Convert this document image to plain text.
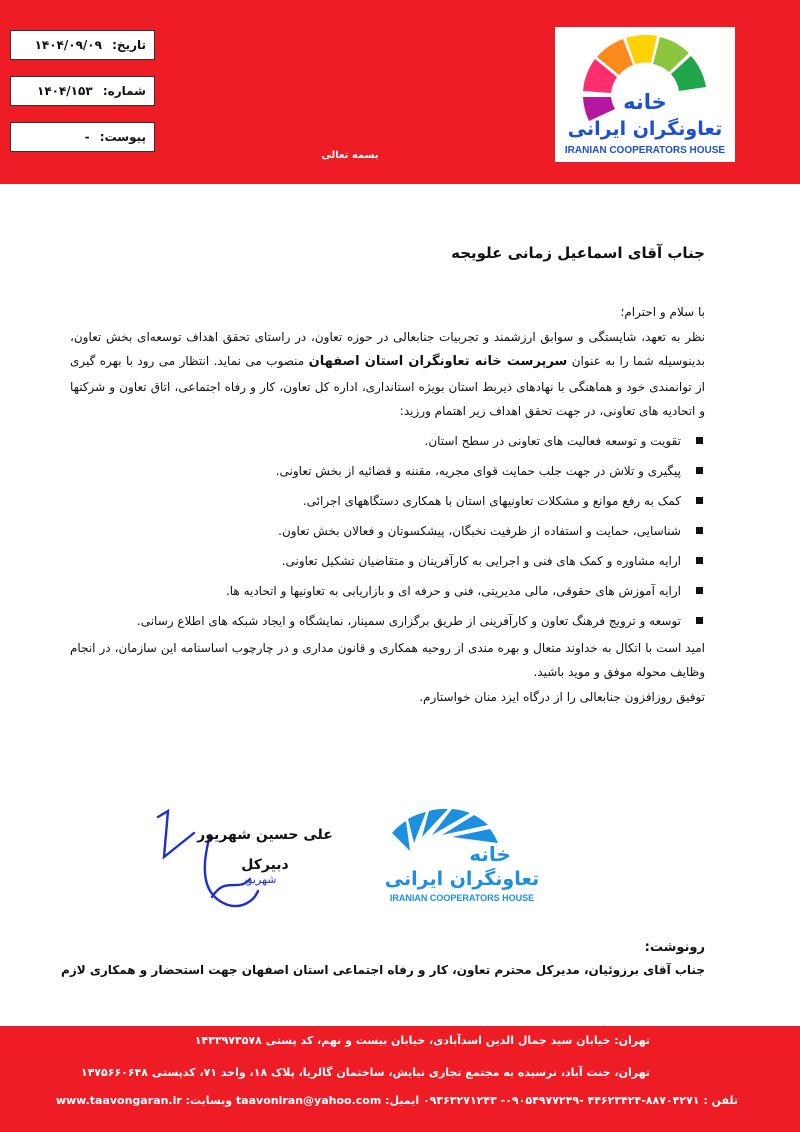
تاریخ: ۱۴۰۴/۰۹/۰۹
شماره: ۱۴۰۴/۱۵۳
پیوست: -
بسمه تعالی
خانه
تعاونگران ایرانی
IRANIAN COOPERATORS HOUSE
جناب آقای اسماعیل زمانی علویجه

با سلام و احترام؛

نظر به تعهد، شایستگی و سوابق ارزشمند و تجربیات جنابعالی در حوزه تعاون، در راستای تحقق اهداف توسعه‌ای بخش تعاون، بدینوسیله شما را به عنوان سرپرست خانه تعاونگران استان اصفهان منصوب می نماید. انتظار می رود با بهره گیری از توانمندی خود و هماهنگی با نهادهای ذیربط استان بویژه استانداری، اداره کل تعاون، کار و رفاه اجتماعی، اتاق تعاون و شرکتها و اتحادیه های تعاونی، در جهت تحقق اهداف زیر اهتمام ورزید:

تقویت و توسعه فعالیت های تعاونی در سطح استان.
پیگیری و تلاش در جهت جلب حمایت قوای مجریه، مقننه و قضائیه از بخش تعاونی.
کمک به رفع موانع و مشکلات تعاونیهای استان با همکاری دستگاههای اجرائی.
شناسایی، حمایت و استفاده از ظرفیت نخبگان، پیشکسوتان و فعالان بخش تعاون.
ارایه مشاوره و کمک های فنی و اجرایی به کارآفرینان و متقاضیان تشکیل تعاونی.
ارایه آموزش های حقوقی، مالی مدیریتی، فنی و حرفه ای و بازاریابی به تعاونیها و اتحادیه ها.
توسعه و ترویج فرهنگ تعاون و کارآفرینی از طریق برگزاری سمینار، نمایشگاه و ایجاد شبکه های اطلاع رسانی.

امید است با اتکال به خداوند متعال و بهره مندی از روحیه همکاری و قانون مداری و در چارچوب اساسنامه این سازمان، در انجام وظایف محوله موفق و موید باشید.

توفیق روزافزون جنابعالی را از درگاه ایزد منان خواستارم.

شهریور
علی حسین شهریور
دبیرکل	خانه
تعاونگران ایرانی
IRANIAN COOPERATORS HOUSE
رونوشت:
جناب آقای برزوئیان، مدیرکل محترم تعاون، کار و رفاه اجتماعی استان اصفهان جهت استحضار و همکاری لازم
تهران: خیابان سید جمال الدین اسدآبادی، خیابان بیست و نهم، کد پستی ۱۴۳۳۹۷۳۵۷۸
تهران، جنت آباد، نرسیده به مجتمع تجاری نیایش، ساختمان گالریا، پلاک ۱۸، واحد ۷۱، کدپستی ۱۴۷۵۶۶۰۶۴۸
تلفن : ۸۸۷۰۴۲۷۱-۴۴۶۲۳۴۲۴ -۰۹۰۵۴۹۷۷۲۴۹- ۰۹۳۶۳۲۷۱۲۴۳ ایمیل: taavoniran@yahoo.com وبسایت: www.taavongaran.ir
